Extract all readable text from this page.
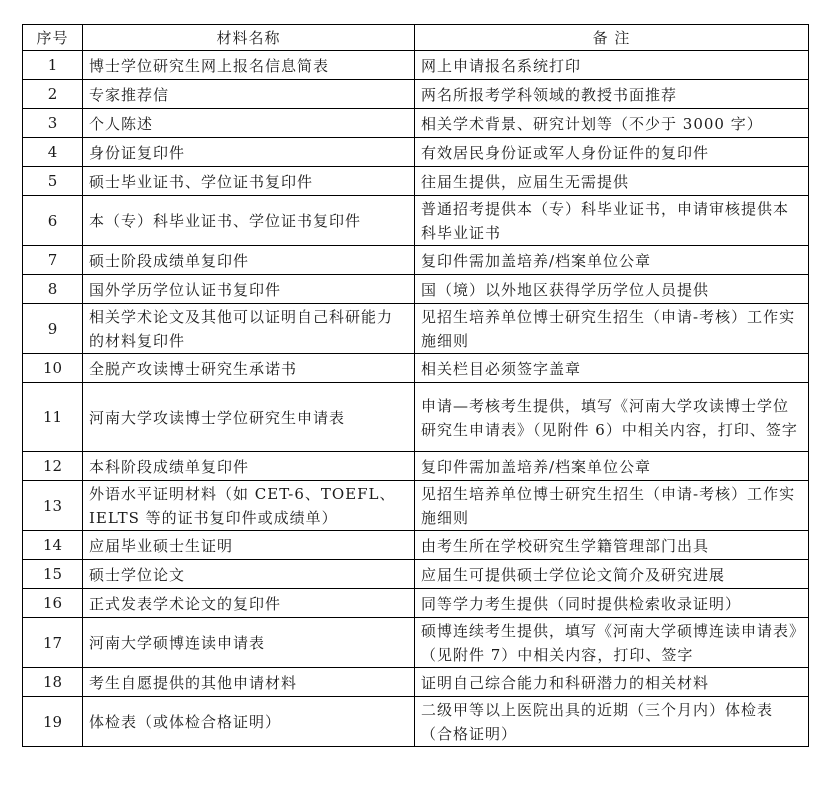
序号	材料名称	备 注
1	博士学位研究生网上报名信息简表	网上申请报名系统打印
2	专家推荐信	两名所报考学科领域的教授书面推荐
3	个人陈述	相关学术背景、研究计划等（不少于 3000 字）
4	身份证复印件	有效居民身份证或军人身份证件的复印件
5	硕士毕业证书、学位证书复印件	往届生提供，应届生无需提供
6	本（专）科毕业证书、学位证书复印件	普通招考提供本（专）科毕业证书，申请审核提供本科毕业证书
7	硕士阶段成绩单复印件	复印件需加盖培养/档案单位公章
8	国外学历学位认证书复印件	国（境）以外地区获得学历学位人员提供
9	相关学术论文及其他可以证明自己科研能力的材料复印件	见招生培养单位博士研究生招生（申请-考核）工作实施细则
10	全脱产攻读博士研究生承诺书	相关栏目必须签字盖章
11	河南大学攻读博士学位研究生申请表	申请—考核考生提供，填写《河南大学攻读博士学位研究生申请表》（见附件 6）中相关内容，打印、签字
12	本科阶段成绩单复印件	复印件需加盖培养/档案单位公章
13	外语水平证明材料（如 CET-6、TOEFL、IELTS 等的证书复印件或成绩单）	见招生培养单位博士研究生招生（申请-考核）工作实施细则
14	应届毕业硕士生证明	由考生所在学校研究生学籍管理部门出具
15	硕士学位论文	应届生可提供硕士学位论文简介及研究进展
16	正式发表学术论文的复印件	同等学力考生提供（同时提供检索收录证明）
17	河南大学硕博连读申请表	硕博连续考生提供，填写《河南大学硕博连读申请表》（见附件 7）中相关内容，打印、签字
18	考生自愿提供的其他申请材料	证明自己综合能力和科研潜力的相关材料
19	体检表（或体检合格证明）	二级甲等以上医院出具的近期（三个月内）体检表（合格证明）
